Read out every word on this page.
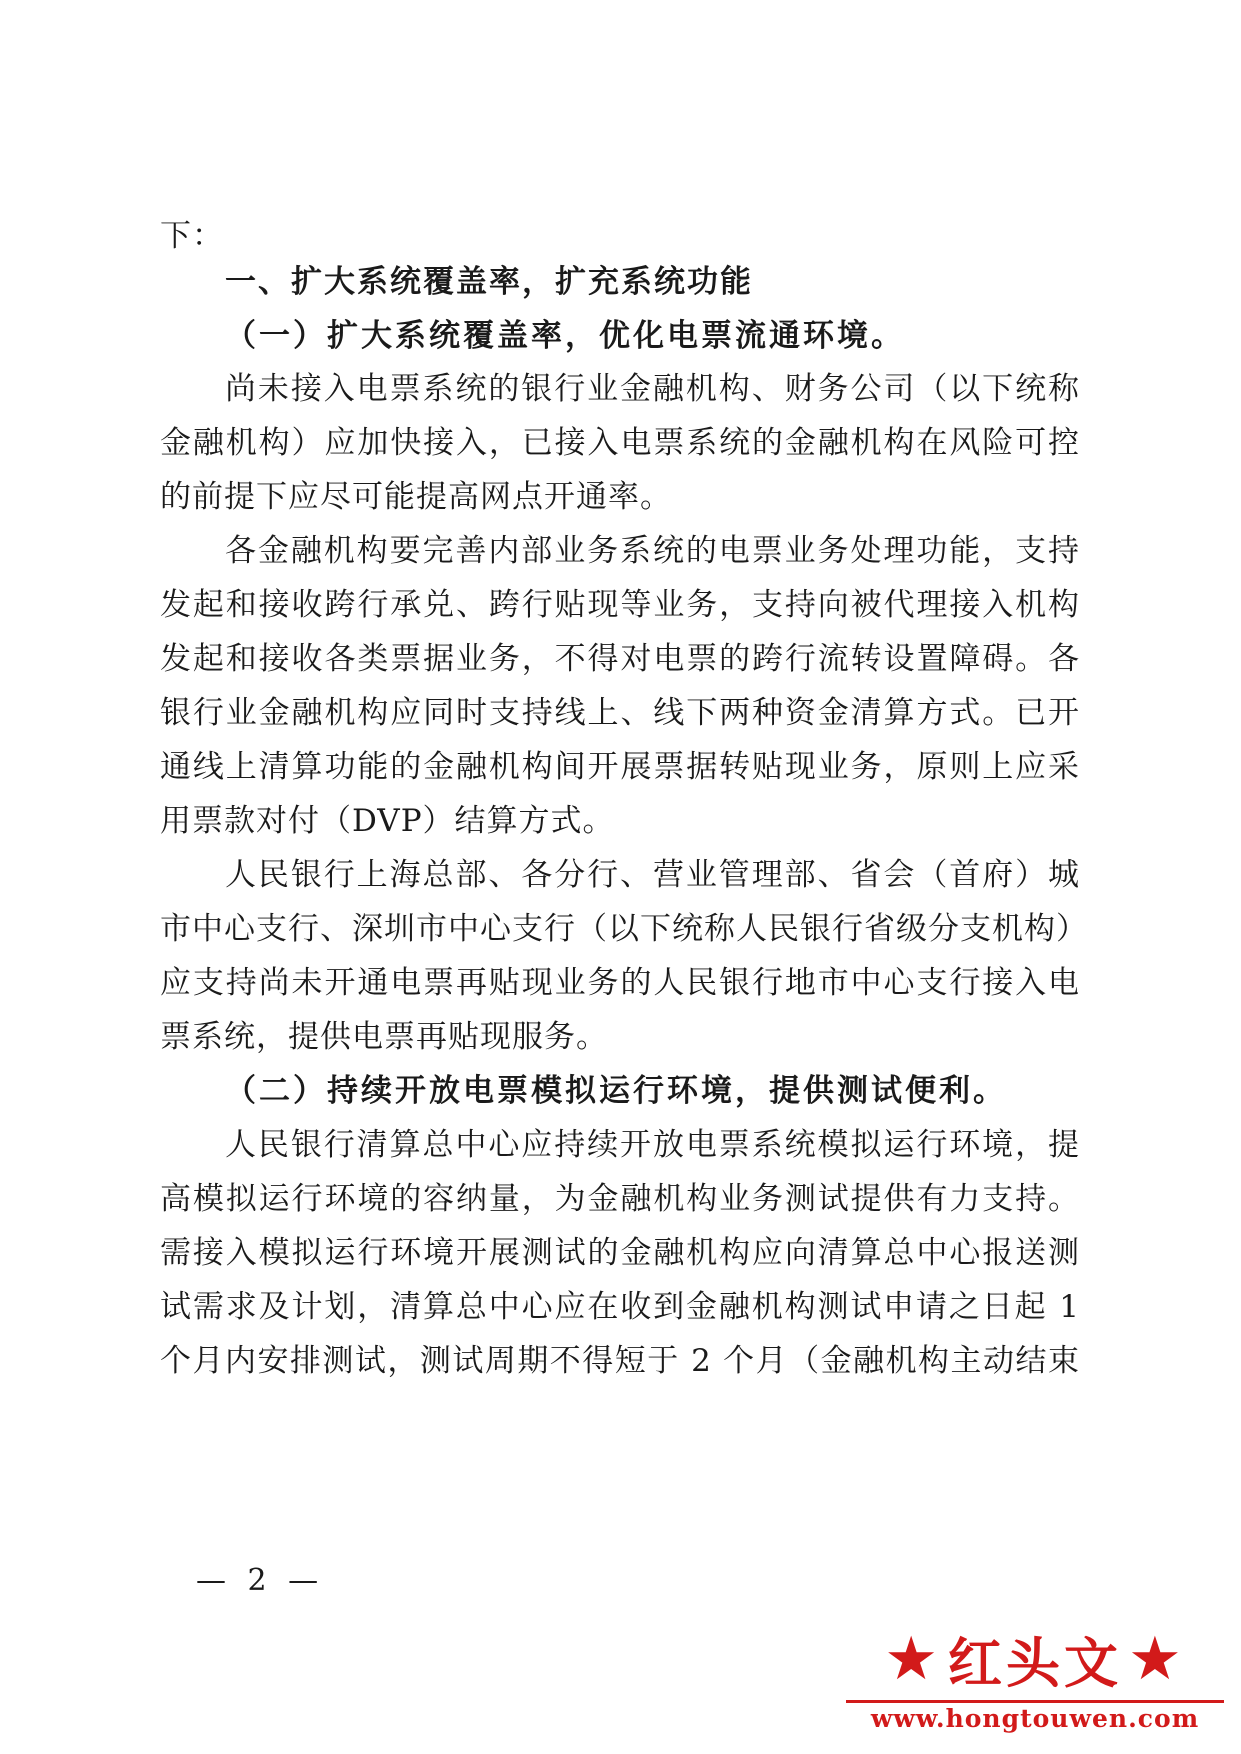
下：
一、扩大系统覆盖率，扩充系统功能
（一）扩大系统覆盖率，优化电票流通环境。
尚未接入电票系统的银行业金融机构、财务公司（以下统称
金融机构）应加快接入，已接入电票系统的金融机构在风险可控
的前提下应尽可能提高网点开通率。
各金融机构要完善内部业务系统的电票业务处理功能，支持
发起和接收跨行承兑、跨行贴现等业务，支持向被代理接入机构
发起和接收各类票据业务，不得对电票的跨行流转设置障碍。各
银行业金融机构应同时支持线上、线下两种资金清算方式。已开
通线上清算功能的金融机构间开展票据转贴现业务，原则上应采
用票款对付（DVP）结算方式。
人民银行上海总部、各分行、营业管理部、省会（首府）城
市中心支行、深圳市中心支行（以下统称人民银行省级分支机构）
应支持尚未开通电票再贴现业务的人民银行地市中心支行接入电
票系统，提供电票再贴现服务。
（二）持续开放电票模拟运行环境，提供测试便利。
人民银行清算总中心应持续开放电票系统模拟运行环境，提
高模拟运行环境的容纳量，为金融机构业务测试提供有力支持。
需接入模拟运行环境开展测试的金融机构应向清算总中心报送测
试需求及计划，清算总中心应在收到金融机构测试申请之日起 1
个月内安排测试，测试周期不得短于 2 个月（金融机构主动结束
— 2 —
★ 红头文 ★
www.hongtouwen.com
